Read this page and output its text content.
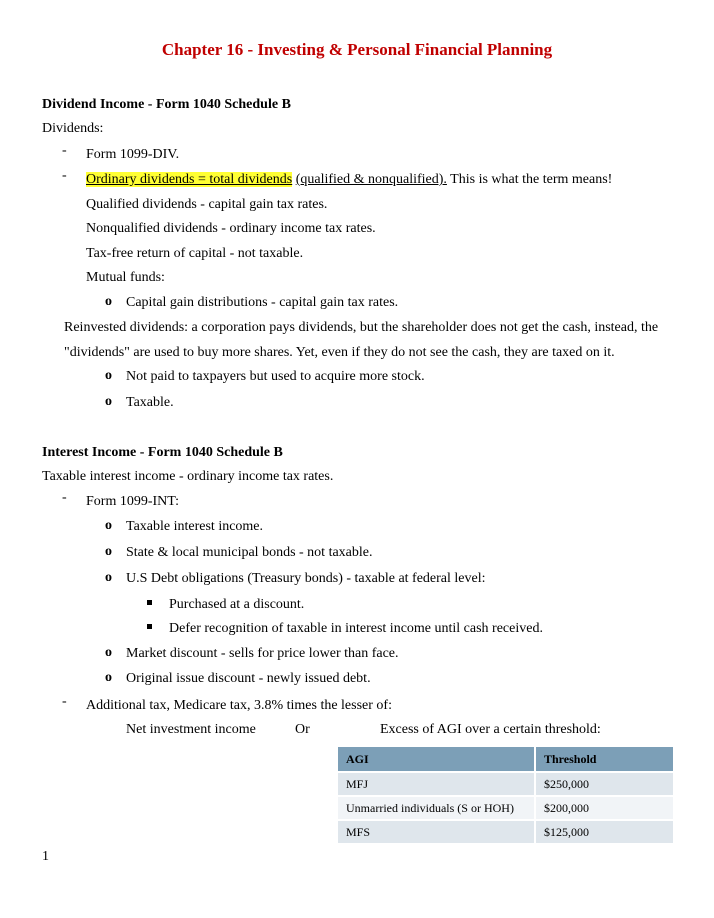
Chapter 16 - Investing & Personal Financial Planning
Dividend Income - Form 1040 Schedule B
Dividends:
- Form 1099-DIV.
- Ordinary dividends = total dividends (qualified & nonqualified). This is what the term means!
Qualified dividends - capital gain tax rates.
Nonqualified dividends - ordinary income tax rates.
Tax-free return of capital - not taxable.
Mutual funds:
o Capital gain distributions - capital gain tax rates.
Reinvested dividends: a corporation pays dividends, but the shareholder does not get the cash, instead, the
"dividends" are used to buy more shares. Yet, even if they do not see the cash, they are taxed on it.
o Not paid to taxpayers but used to acquire more stock.
o Taxable.
Interest Income - Form 1040 Schedule B
Taxable interest income - ordinary income tax rates.
- Form 1099-INT:
o Taxable interest income.
o State & local municipal bonds - not taxable.
o U.S Debt obligations (Treasury bonds) - taxable at federal level:
Purchased at a discount.
Defer recognition of taxable in interest income until cash received.
o Market discount - sells for price lower than face.
o Original issue discount - newly issued debt.
- Additional tax, Medicare tax, 3.8% times the lesser of:
Net investment income	Or	Excess of AGI over a certain threshold:
AGI	Threshold
MFJ	$250,000
Unmarried individuals (S or HOH)	$200,000
MFS	$125,000
1
